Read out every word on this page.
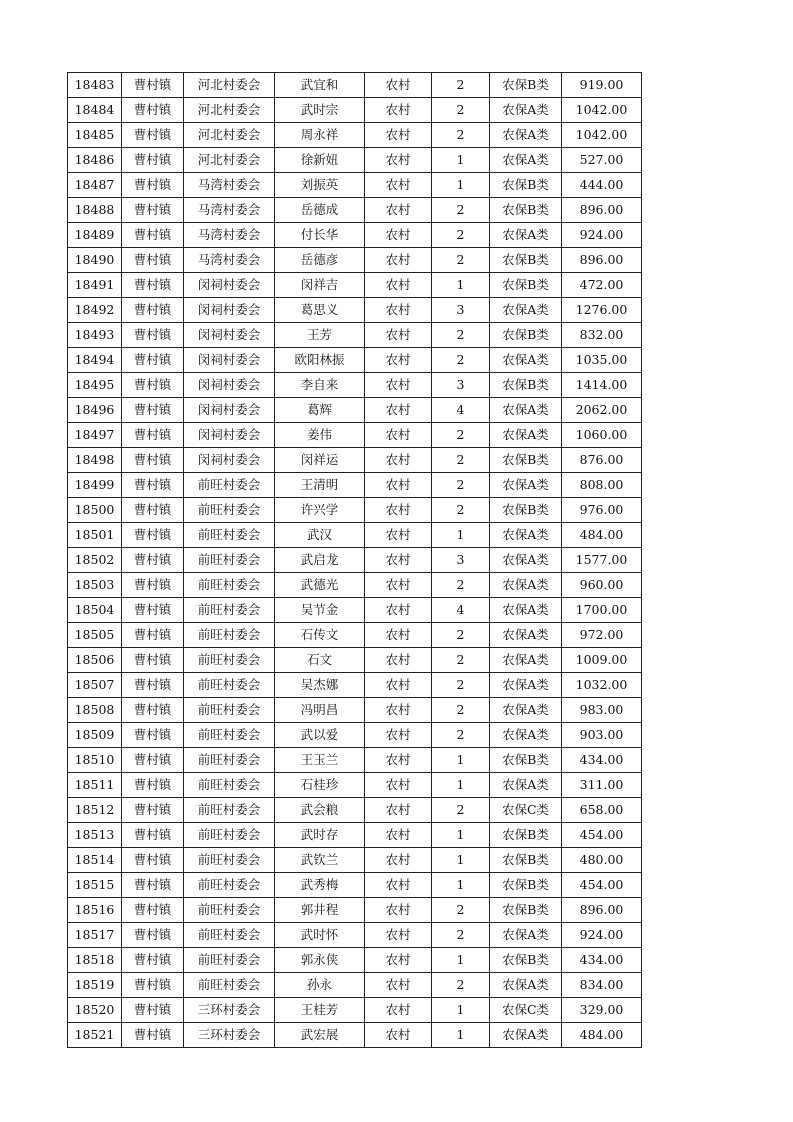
18483	曹村镇	河北村委会	武宜和	农村	2	农保B类	919.00
18484	曹村镇	河北村委会	武时宗	农村	2	农保A类	1042.00
18485	曹村镇	河北村委会	周永祥	农村	2	农保A类	1042.00
18486	曹村镇	河北村委会	徐新妞	农村	1	农保A类	527.00
18487	曹村镇	马湾村委会	刘振英	农村	1	农保B类	444.00
18488	曹村镇	马湾村委会	岳德成	农村	2	农保B类	896.00
18489	曹村镇	马湾村委会	付长华	农村	2	农保A类	924.00
18490	曹村镇	马湾村委会	岳德彦	农村	2	农保B类	896.00
18491	曹村镇	闵祠村委会	闵祥吉	农村	1	农保B类	472.00
18492	曹村镇	闵祠村委会	葛思义	农村	3	农保A类	1276.00
18493	曹村镇	闵祠村委会	王芳	农村	2	农保B类	832.00
18494	曹村镇	闵祠村委会	欧阳林振	农村	2	农保A类	1035.00
18495	曹村镇	闵祠村委会	李自来	农村	3	农保B类	1414.00
18496	曹村镇	闵祠村委会	葛辉	农村	4	农保A类	2062.00
18497	曹村镇	闵祠村委会	姜伟	农村	2	农保A类	1060.00
18498	曹村镇	闵祠村委会	闵祥运	农村	2	农保B类	876.00
18499	曹村镇	前旺村委会	王清明	农村	2	农保A类	808.00
18500	曹村镇	前旺村委会	许兴学	农村	2	农保B类	976.00
18501	曹村镇	前旺村委会	武汉	农村	1	农保A类	484.00
18502	曹村镇	前旺村委会	武启龙	农村	3	农保A类	1577.00
18503	曹村镇	前旺村委会	武德光	农村	2	农保A类	960.00
18504	曹村镇	前旺村委会	吴节金	农村	4	农保A类	1700.00
18505	曹村镇	前旺村委会	石传文	农村	2	农保A类	972.00
18506	曹村镇	前旺村委会	石文	农村	2	农保A类	1009.00
18507	曹村镇	前旺村委会	吴杰娜	农村	2	农保A类	1032.00
18508	曹村镇	前旺村委会	冯明昌	农村	2	农保A类	983.00
18509	曹村镇	前旺村委会	武以爱	农村	2	农保A类	903.00
18510	曹村镇	前旺村委会	王玉兰	农村	1	农保B类	434.00
18511	曹村镇	前旺村委会	石桂珍	农村	1	农保A类	311.00
18512	曹村镇	前旺村委会	武会粮	农村	2	农保C类	658.00
18513	曹村镇	前旺村委会	武时存	农村	1	农保B类	454.00
18514	曹村镇	前旺村委会	武钦兰	农村	1	农保B类	480.00
18515	曹村镇	前旺村委会	武秀梅	农村	1	农保B类	454.00
18516	曹村镇	前旺村委会	郭井程	农村	2	农保B类	896.00
18517	曹村镇	前旺村委会	武时怀	农村	2	农保A类	924.00
18518	曹村镇	前旺村委会	郭永侠	农村	1	农保B类	434.00
18519	曹村镇	前旺村委会	孙永	农村	2	农保A类	834.00
18520	曹村镇	三环村委会	王桂芳	农村	1	农保C类	329.00
18521	曹村镇	三环村委会	武宏展	农村	1	农保A类	484.00
